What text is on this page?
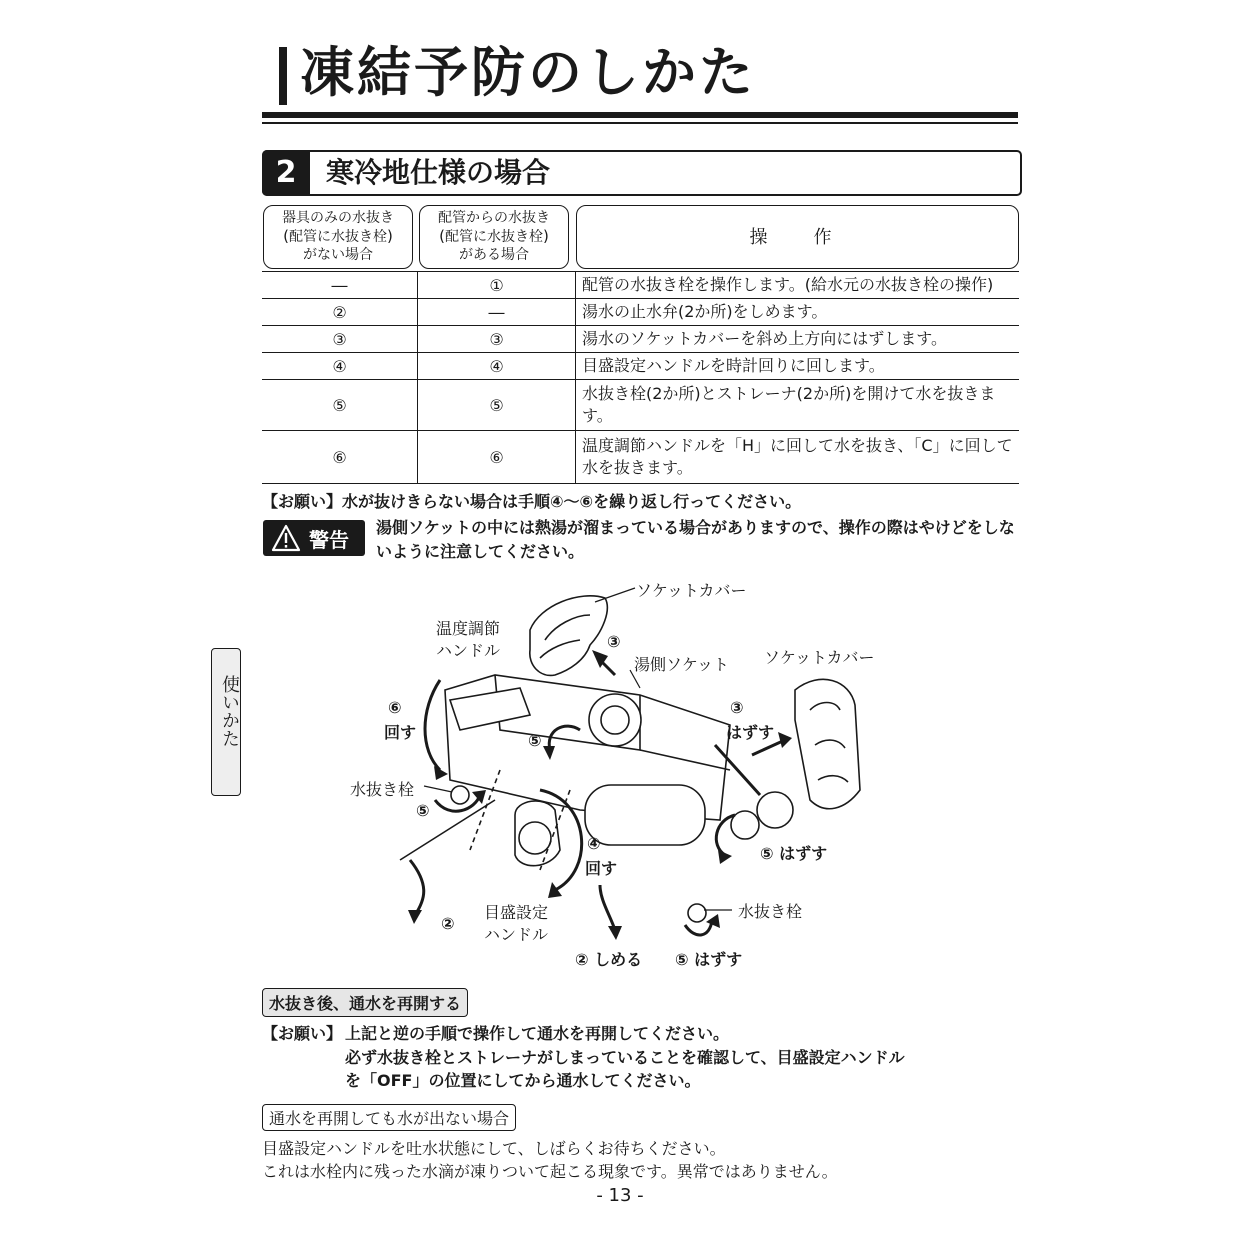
凍結予防のしかた
2	寒冷地仕様の場合
器具のみの水抜き
(配管に水抜き栓)
がない場合
配管からの水抜き
(配管に水抜き栓)
がある場合
操　作
―	①	配管の水抜き栓を操作します。(給水元の水抜き栓の操作)
②	―	湯水の止水弁(2か所)をしめます。
③	③	湯水のソケットカバーを斜め上方向にはずします。
④	④	目盛設定ハンドルを時計回りに回します。
⑤	⑤	水抜き栓(2か所)とストレーナ(2か所)を開けて水を抜きます。
⑥	⑥	温度調節ハンドルを「H」に回して水を抜き、「C」に回して水を抜きます。
【お願い】水が抜けきらない場合は手順④〜⑥を繰り返し行ってください。
警告
湯側ソケットの中には熱湯が溜まっている場合がありますので、操作の際はやけどをしないように注意してください。
ソケットカバー
温度調節
ハンドル	③
湯側ソケット ソケットカバー
⑥
回す	⑤
③
はずす
水抜き栓
⑤
④
回す
⑤ はずす
目盛設定
ハンドル
②
水抜き栓
② しめる ⑤ はずす
使いかた
水抜き後、通水を再開する
【お願い】 上記と逆の手順で操作して通水を再開してください。
必ず水抜き栓とストレーナがしまっていることを確認して、目盛設定ハンドル
を「OFF」の位置にしてから通水してください。
通水を再開しても水が出ない場合
目盛設定ハンドルを吐水状態にして、しばらくお待ちください。
これは水栓内に残った水滴が凍りついて起こる現象です。異常ではありません。
- 13 -
